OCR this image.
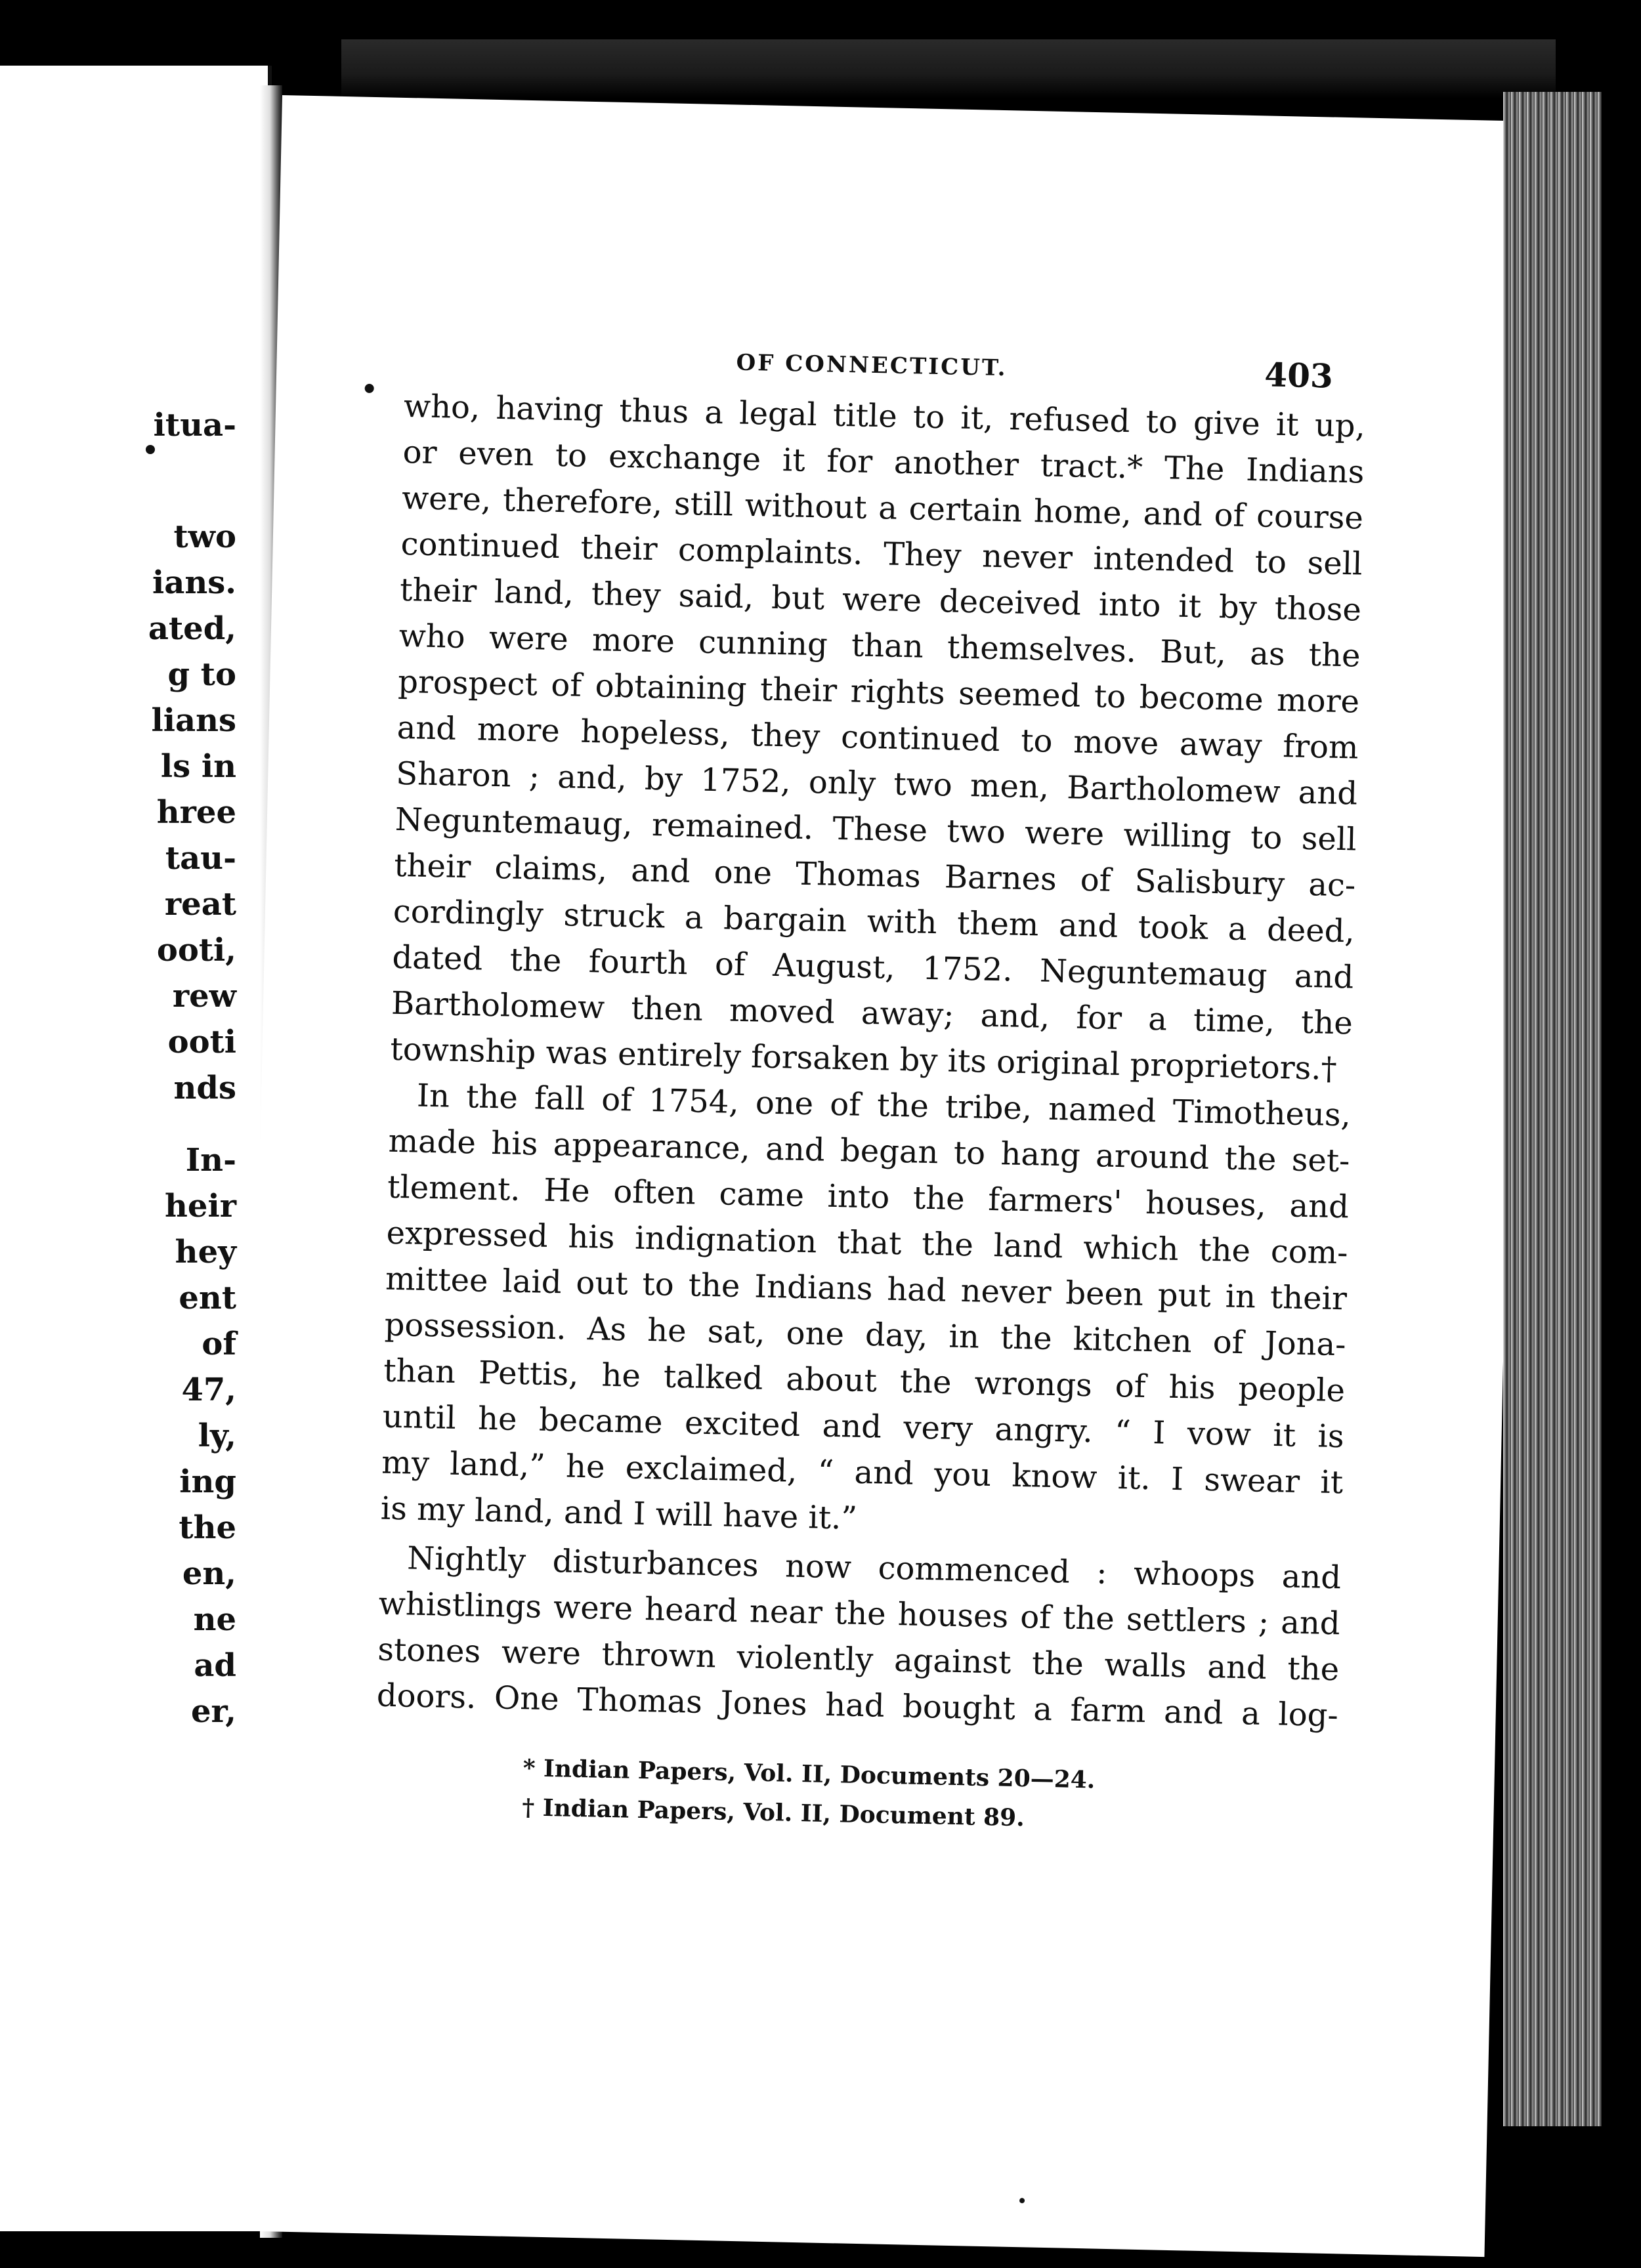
itua-
two
ians.
ated,
g to
lians
ls in
hree
tau-
reat
ooti,
rew
ooti
nds
In-
heir
hey
ent
of
47,
ly,
ing
the
en,
ne
ad
er,
OF CONNECTICUT.	403
who, having thus a legal title to it, refused to give it up,
or even to exchange it for another tract.* The Indians
were, therefore, still without a certain home, and of course
continued their complaints. They never intended to sell
their land, they said, but were deceived into it by those
who were more cunning than themselves. But, as the
prospect of obtaining their rights seemed to become more
and more hopeless, they continued to move away from
Sharon ; and, by 1752, only two men, Bartholomew and
Neguntemaug, remained. These two were willing to sell
their claims, and one Thomas Barnes of Salisbury ac-
cordingly struck a bargain with them and took a deed,
dated the fourth of August, 1752. Neguntemaug and
Bartholomew then moved away; and, for a time, the
township was entirely forsaken by its original proprietors.†
In the fall of 1754, one of the tribe, named Timotheus,
made his appearance, and began to hang around the set-
tlement. He often came into the farmers' houses, and
expressed his indignation that the land which the com-
mittee laid out to the Indians had never been put in their
possession. As he sat, one day, in the kitchen of Jona-
than Pettis, he talked about the wrongs of his people
until he became excited and very angry. “ I vow it is
my land,” he exclaimed, “ and you know it. I swear it
is my land, and I will have it.”
Nightly disturbances now commenced : whoops and
whistlings were heard near the houses of the settlers ; and
stones were thrown violently against the walls and the
doors. One Thomas Jones had bought a farm and a log-
* Indian Papers, Vol. II, Documents 20—24.
† Indian Papers, Vol. II, Document 89.
